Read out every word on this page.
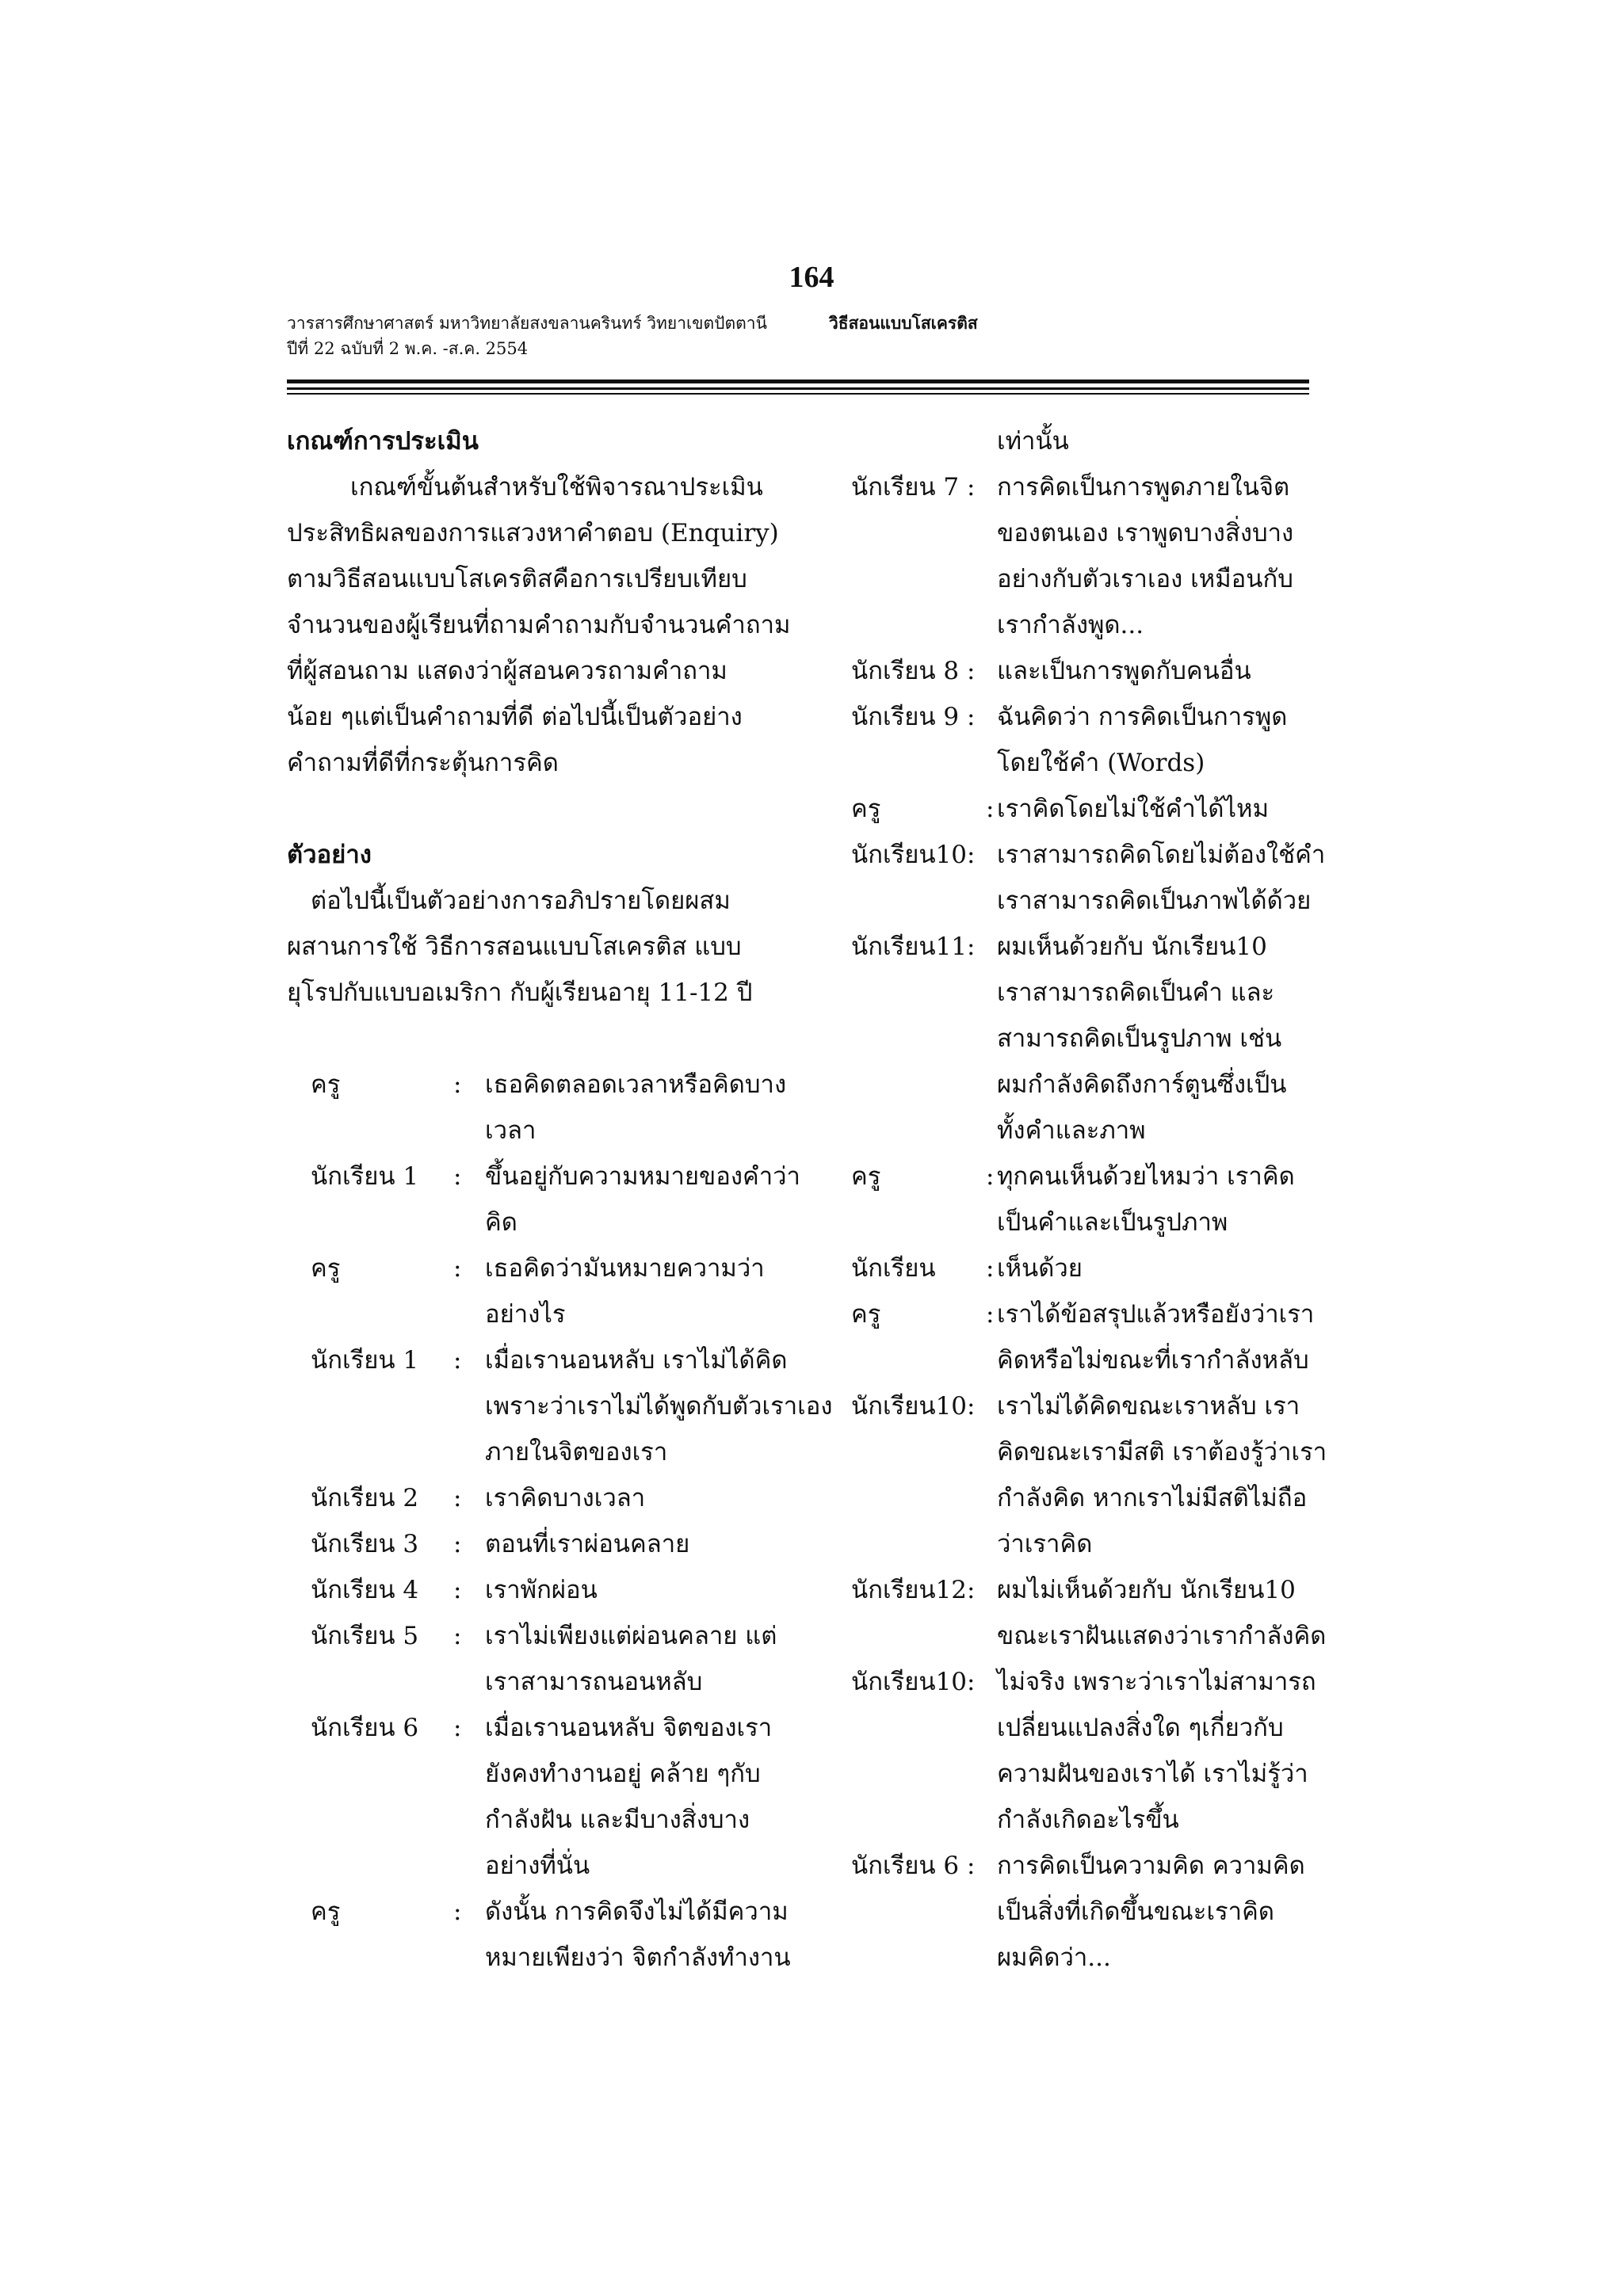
164
วารสารศึกษาศาสตร์ มหาวิทยาลัยสงขลานครินทร์ วิทยาเขตปัตตานี
ปีที่ 22 ฉบับที่ 2 พ.ค. -ส.ค. 2554
วิธีสอนแบบโสเครติส
เกณฑ์การประเมิน
เกณฑ์ขั้นต้นสำหรับใช้พิจารณาประเมิน
ประสิทธิผลของการแสวงหาคำตอบ (Enquiry)
ตามวิธีสอนแบบโสเครติสคือการเปรียบเทียบ
จำนวนของผู้เรียนที่ถามคำถามกับจำนวนคำถาม
ที่ผู้สอนถาม แสดงว่าผู้สอนควรถามคำถาม
น้อย ๆแต่เป็นคำถามที่ดี ต่อไปนี้เป็นตัวอย่าง
คำถามที่ดีที่กระตุ้นการคิด
ตัวอย่าง
ต่อไปนี้เป็นตัวอย่างการอภิปรายโดยผสม
ผสานการใช้ วิธีการสอนแบบโสเครติส แบบ
ยุโรปกับแบบอเมริกา กับผู้เรียนอายุ 11-12 ปี
ครู	: เธอคิดตลอดเวลาหรือคิดบาง
เวลา
นักเรียน 1	: ขึ้นอยู่กับความหมายของคำว่า
คิด
ครู	: เธอคิดว่ามันหมายความว่า
อย่างไร
นักเรียน 1	: เมื่อเรานอนหลับ เราไม่ได้คิด
เพราะว่าเราไม่ได้พูดกับตัวเราเอง
ภายในจิตของเรา
นักเรียน 2	: เราคิดบางเวลา
นักเรียน 3	: ตอนที่เราผ่อนคลาย
นักเรียน 4	: เราพักผ่อน
นักเรียน 5	: เราไม่เพียงแต่ผ่อนคลาย แต่
เราสามารถนอนหลับ
นักเรียน 6	: เมื่อเรานอนหลับ จิตของเรา
ยังคงทำงานอยู่ คล้าย ๆกับ
กำลังฝัน และมีบางสิ่งบาง
อย่างที่นั่น
ครู	: ดังนั้น การคิดจึงไม่ได้มีความ
หมายเพียงว่า จิตกำลังทำงาน
เท่านั้น
นักเรียน 7 : การคิดเป็นการพูดภายในจิต
ของตนเอง เราพูดบางสิ่งบาง
อย่างกับตัวเราเอง เหมือนกับ
เรากำลังพูด...
นักเรียน 8 : และเป็นการพูดกับคนอื่น
นักเรียน 9 : ฉันคิดว่า การคิดเป็นการพูด
โดยใช้คำ (Words)
ครู	: เราคิดโดยไม่ใช้คำได้ไหม
นักเรียน10: เราสามารถคิดโดยไม่ต้องใช้คำ
เราสามารถคิดเป็นภาพได้ด้วย
นักเรียน11: ผมเห็นด้วยกับ นักเรียน10
เราสามารถคิดเป็นคำ และ
สามารถคิดเป็นรูปภาพ เช่น
ผมกำลังคิดถึงการ์ตูนซึ่งเป็น
ทั้งคำและภาพ
ครู	: ทุกคนเห็นด้วยไหมว่า เราคิด
เป็นคำและเป็นรูปภาพ
นักเรียน	: เห็นด้วย
ครู	: เราได้ข้อสรุปแล้วหรือยังว่าเรา
คิดหรือไม่ขณะที่เรากำลังหลับ
นักเรียน10: เราไม่ได้คิดขณะเราหลับ เรา
คิดขณะเรามีสติ เราต้องรู้ว่าเรา
กำลังคิด หากเราไม่มีสติไม่ถือ
ว่าเราคิด
นักเรียน12: ผมไม่เห็นด้วยกับ นักเรียน10
ขณะเราฝันแสดงว่าเรากำลังคิด
นักเรียน10: ไม่จริง เพราะว่าเราไม่สามารถ
เปลี่ยนแปลงสิ่งใด ๆเกี่ยวกับ
ความฝันของเราได้ เราไม่รู้ว่า
กำลังเกิดอะไรขึ้น
นักเรียน 6 : การคิดเป็นความคิด ความคิด
เป็นสิ่งที่เกิดขึ้นขณะเราคิด
ผมคิดว่า...
